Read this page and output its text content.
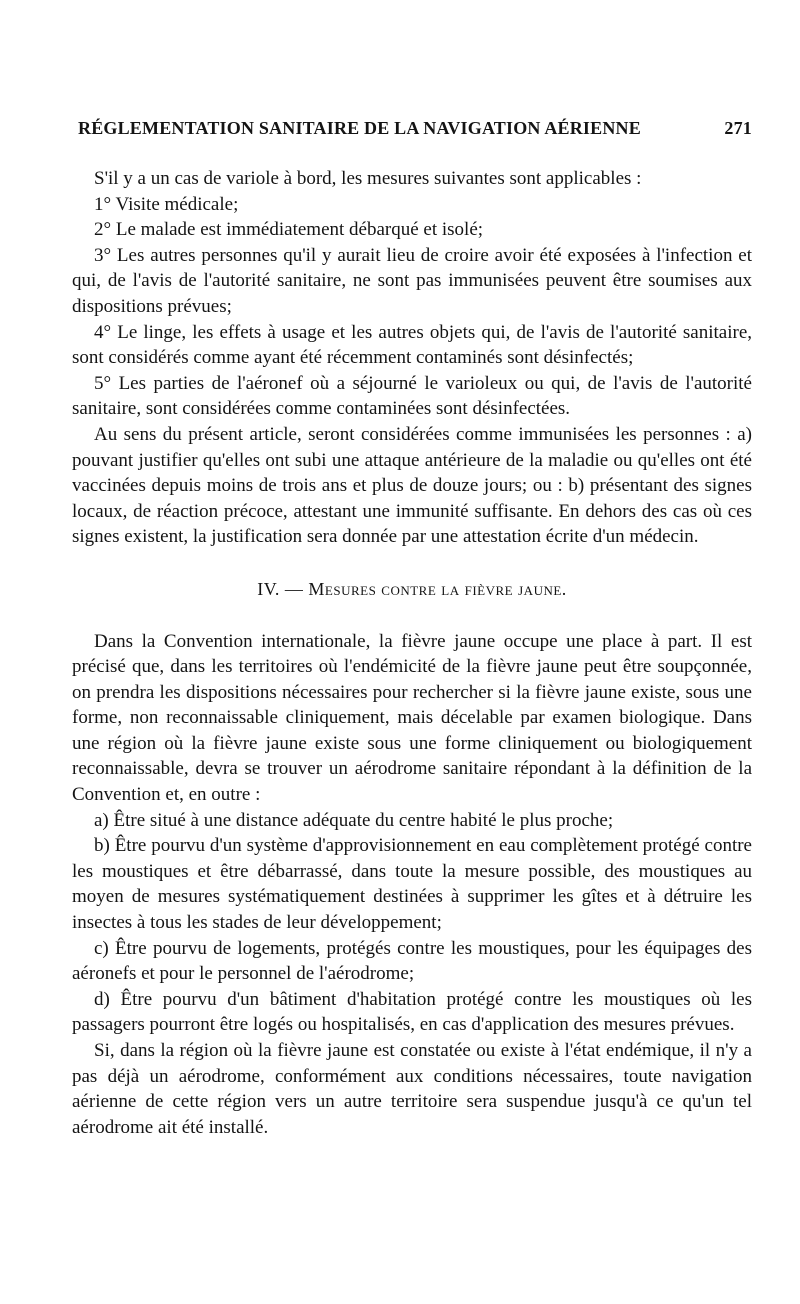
RÉGLEMENTATION SANITAIRE DE LA NAVIGATION AÉRIENNE	271

S'il y a un cas de variole à bord, les mesures suivantes sont applicables :

1° Visite médicale;

2° Le malade est immédiatement débarqué et isolé;

3° Les autres personnes qu'il y aurait lieu de croire avoir été exposées à l'infection et qui, de l'avis de l'autorité sanitaire, ne sont pas immunisées peuvent être soumises aux dispositions prévues;

4° Le linge, les effets à usage et les autres objets qui, de l'avis de l'autorité sanitaire, sont considérés comme ayant été récemment contaminés sont désinfectés;

5° Les parties de l'aéronef où a séjourné le varioleux ou qui, de l'avis de l'autorité sanitaire, sont considérées comme contaminées sont désinfectées.

Au sens du présent article, seront considérées comme immunisées les personnes : a) pouvant justifier qu'elles ont subi une attaque antérieure de la maladie ou qu'elles ont été vaccinées depuis moins de trois ans et plus de douze jours; ou : b) présentant des signes locaux, de réaction précoce, attestant une immunité suffisante. En dehors des cas où ces signes existent, la justification sera donnée par une attestation écrite d'un médecin.

IV. — Mesures contre la fièvre jaune.

Dans la Convention internationale, la fièvre jaune occupe une place à part. Il est précisé que, dans les territoires où l'endémicité de la fièvre jaune peut être soupçonnée, on prendra les dispositions nécessaires pour rechercher si la fièvre jaune existe, sous une forme, non reconnaissable cliniquement, mais décelable par examen biologique. Dans une région où la fièvre jaune existe sous une forme cliniquement ou biologiquement reconnaissable, devra se trouver un aérodrome sanitaire répondant à la définition de la Convention et, en outre :

a) Être situé à une distance adéquate du centre habité le plus proche;

b) Être pourvu d'un système d'approvisionnement en eau complètement protégé contre les moustiques et être débarrassé, dans toute la mesure possible, des moustiques au moyen de mesures systématiquement destinées à supprimer les gîtes et à détruire les insectes à tous les stades de leur développement;

c) Être pourvu de logements, protégés contre les moustiques, pour les équipages des aéronefs et pour le personnel de l'aérodrome;

d) Être pourvu d'un bâtiment d'habitation protégé contre les moustiques où les passagers pourront être logés ou hospitalisés, en cas d'application des mesures prévues.

Si, dans la région où la fièvre jaune est constatée ou existe à l'état endémique, il n'y a pas déjà un aérodrome, conformément aux conditions nécessaires, toute navigation aérienne de cette région vers un autre territoire sera suspendue jusqu'à ce qu'un tel aérodrome ait été installé.
